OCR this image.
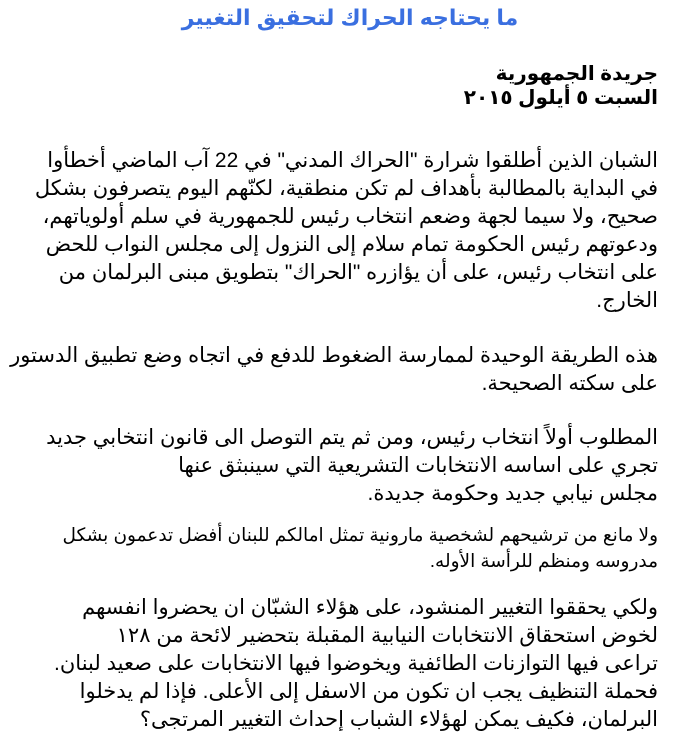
ما يحتاجه الحراك لتحقيق التغيير
جريدة الجمهورية
السبت ٥ أيلول ٢٠١٥

الشبان الذين أطلقوا شرارة "الحراك المدني" في 22 آب الماضي أخطأوا
في البداية بالمطالبة بأهداف لم تكن منطقية، لكنّهم اليوم يتصرفون بشكل
صحيح، ولا سيما لجهة وضعم انتخاب رئيس للجمهورية في سلم أولوياتهم،
ودعوتهم رئيس الحكومة تمام سلام إلى النزول إلى مجلس النواب للحض
على انتخاب رئيس، على أن يؤازره "الحراك" بتطويق مبنى البرلمان من
الخارج.

هذه الطريقة الوحيدة لممارسة الضغوط للدفع في اتجاه وضع تطبيق الدستور
على سكته الصحيحة.

المطلوب أولاً انتخاب رئيس، ومن ثم يتم التوصل الى قانون انتخابي جديد
تجري على اساسه الانتخابات التشريعية التي سينبثق عنها
مجلس نيابي جديد وحكومة جديدة.

ولا مانع من ترشيحهم لشخصية مارونية تمثل امالكم للبنان أفضل تدعمون بشكل
مدروسه ومنظم للرأسة الأوله.

ولكي يحققوا التغيير المنشود، على هؤلاء الشبّان ان يحضروا انفسهم
لخوض استحقاق الانتخابات النيابية المقبلة بتحضير لائحة من ١٢٨
تراعى فيها التوازنات الطائفية ويخوضوا فيها الانتخابات على صعيد لبنان.
فحملة التنظيف يجب ان تكون من الاسفل إلى الأعلى. فإذا لم يدخلوا
البرلمان، فكيف يمكن لهؤلاء الشباب إحداث التغيير المرتجى؟
